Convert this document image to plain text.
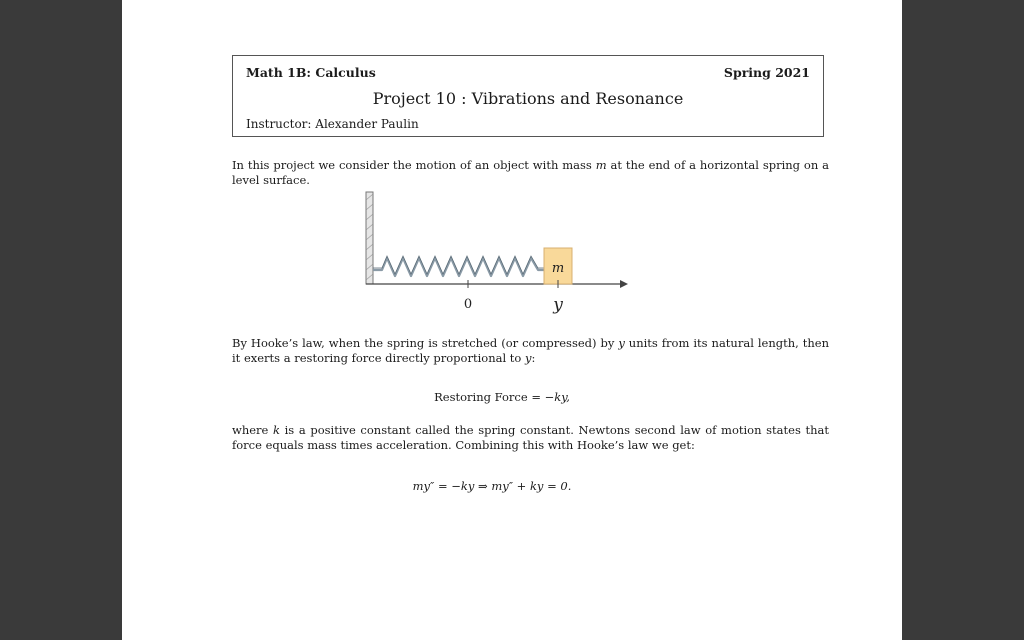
Math 1B: Calculus	Spring 2021
Project 10 : Vibrations and Resonance
Instructor: Alexander Paulin

In this project we consider the motion of an object with mass m at the end of a horizontal spring on a level surface.

m
0	y

By Hooke’s law, when the spring is stretched (or compressed) by y units from its natural length, then it exerts a restoring force directly proportional to y:

Restoring Force = −ky,

where k is a positive constant called the spring constant. Newtons second law of motion states that force equals mass times acceleration. Combining this with Hooke’s law we get:

my″ = −ky ⇒ my″ + ky = 0.
